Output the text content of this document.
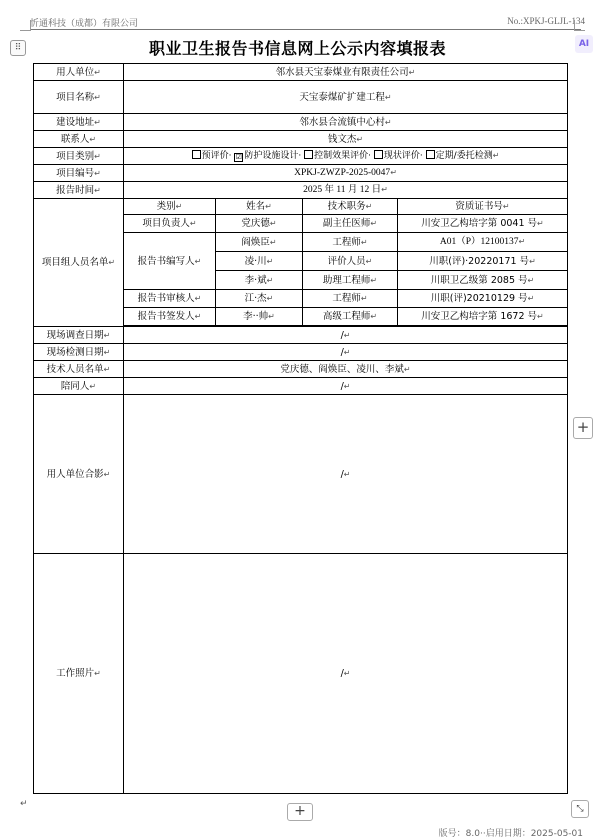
忻通科技（成都）有限公司	No.:XPKJ-GLJL-134
⠿	AI
职业卫生报告书信息网上公示内容填报表
用人单位↵	邻水县天宝泰煤业有限责任公司↵			
项目名称↵	天宝泰煤矿扩建工程↵			
建设地址↵	邻水县合流镇中心村↵			
联系人↵	钱文杰↵			
项目类别↵	预评价· ☑ 防护设施设计· 控制效果评价· 现状评价· 定期/委托检测↵			
项目编号↵	XPKJ-ZWZP-2025-0047↵			
报告时间↵	2025 年 11 月 12 日↵			
项目组人员名单↵	类别↵	姓名↵	技术职务↵	资质证书号↵
	项目负责人↵	党庆德↵	副主任医师↵	川安卫乙构培字第 0041 号↵
	报告书编写人↵	阎焕臣↵	工程师↵	A01（P）12100137↵
		凌·川↵	评价人员↵	川职(评)·20220171 号↵
		李·斌↵	助理工程师↵	川职卫乙级第 2085 号↵
	报告书审核人↵	江·杰↵	工程师↵	川职(评)20210129 号↵
	报告书签发人↵	李··帅↵	高级工程师↵	川安卫乙构培字第 1672 号↵

现场调查日期↵	/↵			
现场检测日期↵	/↵			
技术人员名单↵	党庆德、阎焕臣、凌川、李斌↵			
陪同人↵	/↵			
用人单位合影↵	/↵			
工作照片↵	/↵			
+
↵	+	⤡
版号：8.0··启用日期：2025-05-01
